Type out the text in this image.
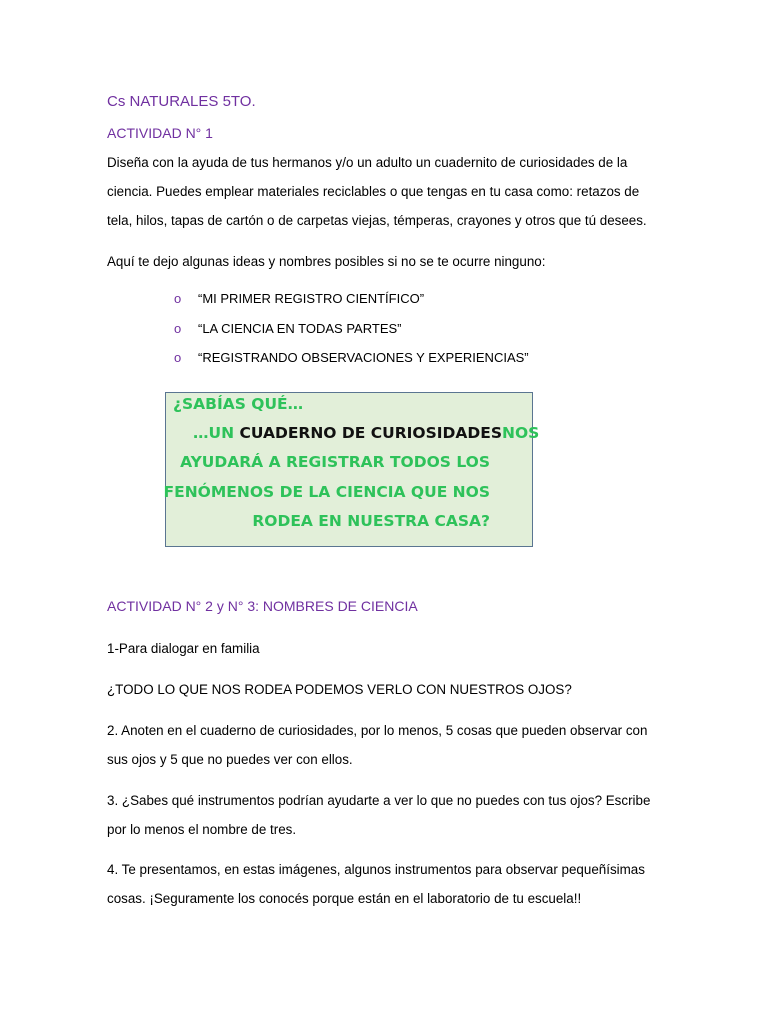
Cs NATURALES 5TO.
ACTIVIDAD N° 1
Diseña con la ayuda de tus hermanos y/o un adulto un cuadernito de curiosidades de la
ciencia. Puedes emplear materiales reciclables o que tengas en tu casa como: retazos de
tela, hilos, tapas de cartón o de carpetas viejas, témperas, crayones y otros que tú desees.
Aquí te dejo algunas ideas y nombres posibles si no se te ocurre ninguno:
o	“MI PRIMER REGISTRO CIENTÍFICO”
o	“LA CIENCIA EN TODAS PARTES”
o	“REGISTRANDO OBSERVACIONES Y EXPERIENCIAS”
¿SABÍAS QUÉ…
…UN CUADERNO DE CURIOSIDADESNOS
AYUDARÁ A REGISTRAR TODOS LOS
FENÓMENOS DE LA CIENCIA QUE NOS
RODEA EN NUESTRA CASA?
ACTIVIDAD N° 2 y N° 3: NOMBRES DE CIENCIA
1-Para dialogar en familia
¿TODO LO QUE NOS RODEA PODEMOS VERLO CON NUESTROS OJOS?
2. Anoten en el cuaderno de curiosidades, por lo menos, 5 cosas que pueden observar con
sus ojos y 5 que no puedes ver con ellos.
3. ¿Sabes qué instrumentos podrían ayudarte a ver lo que no puedes con tus ojos? Escribe
por lo menos el nombre de tres.
4. Te presentamos, en estas imágenes, algunos instrumentos para observar pequeñísimas
cosas. ¡Seguramente los conocés porque están en el laboratorio de tu escuela!!
